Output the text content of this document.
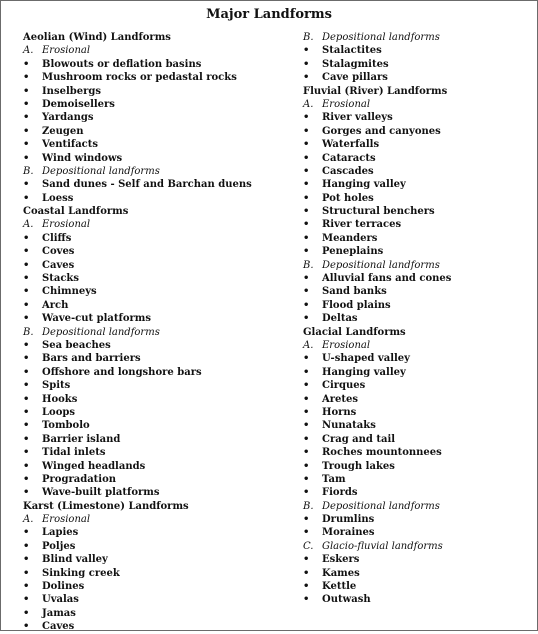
Major Landforms
Aeolian (Wind) Landforms
A. Erosional
• Blowouts or deflation basins
• Mushroom rocks or pedastal rocks
• Inselbergs
• Demoisellers
• Yardangs
• Zeugen
• Ventifacts
• Wind windows
B. Depositional landforms
• Sand dunes - Self and Barchan duens
• Loess
Coastal Landforms
A. Erosional
• Cliffs
• Coves
• Caves
• Stacks
• Chimneys
• Arch
• Wave-cut platforms
B. Depositional landforms
• Sea beaches
• Bars and barriers
• Offshore and longshore bars
• Spits
• Hooks
• Loops
• Tombolo
• Barrier island
• Tidal inlets
• Winged headlands
• Progradation
• Wave-built platforms
Karst (Limestone) Landforms
A. Erosional
• Lapies
• Poljes
• Blind valley
• Sinking creek
• Dolines
• Uvalas
• Jamas
• Caves
B. Depositional landforms
• Stalactites
• Stalagmites
• Cave pillars
Fluvial (River) Landforms
A. Erosional
• River valleys
• Gorges and canyones
• Waterfalls
• Cataracts
• Cascades
• Hanging valley
• Pot holes
• Structural benchers
• River terraces
• Meanders
• Peneplains
B. Depositional landforms
• Alluvial fans and cones
• Sand banks
• Flood plains
• Deltas
Glacial Landforms
A. Erosional
• U-shaped valley
• Hanging valley
• Cirques
• Aretes
• Horns
• Nunataks
• Crag and tail
• Roches mountonnees
• Trough lakes
• Tam
• Fiords
B. Depositional landforms
• Drumlins
• Moraines
C. Glacio-fluvial landforms
• Eskers
• Kames
• Kettle
• Outwash
